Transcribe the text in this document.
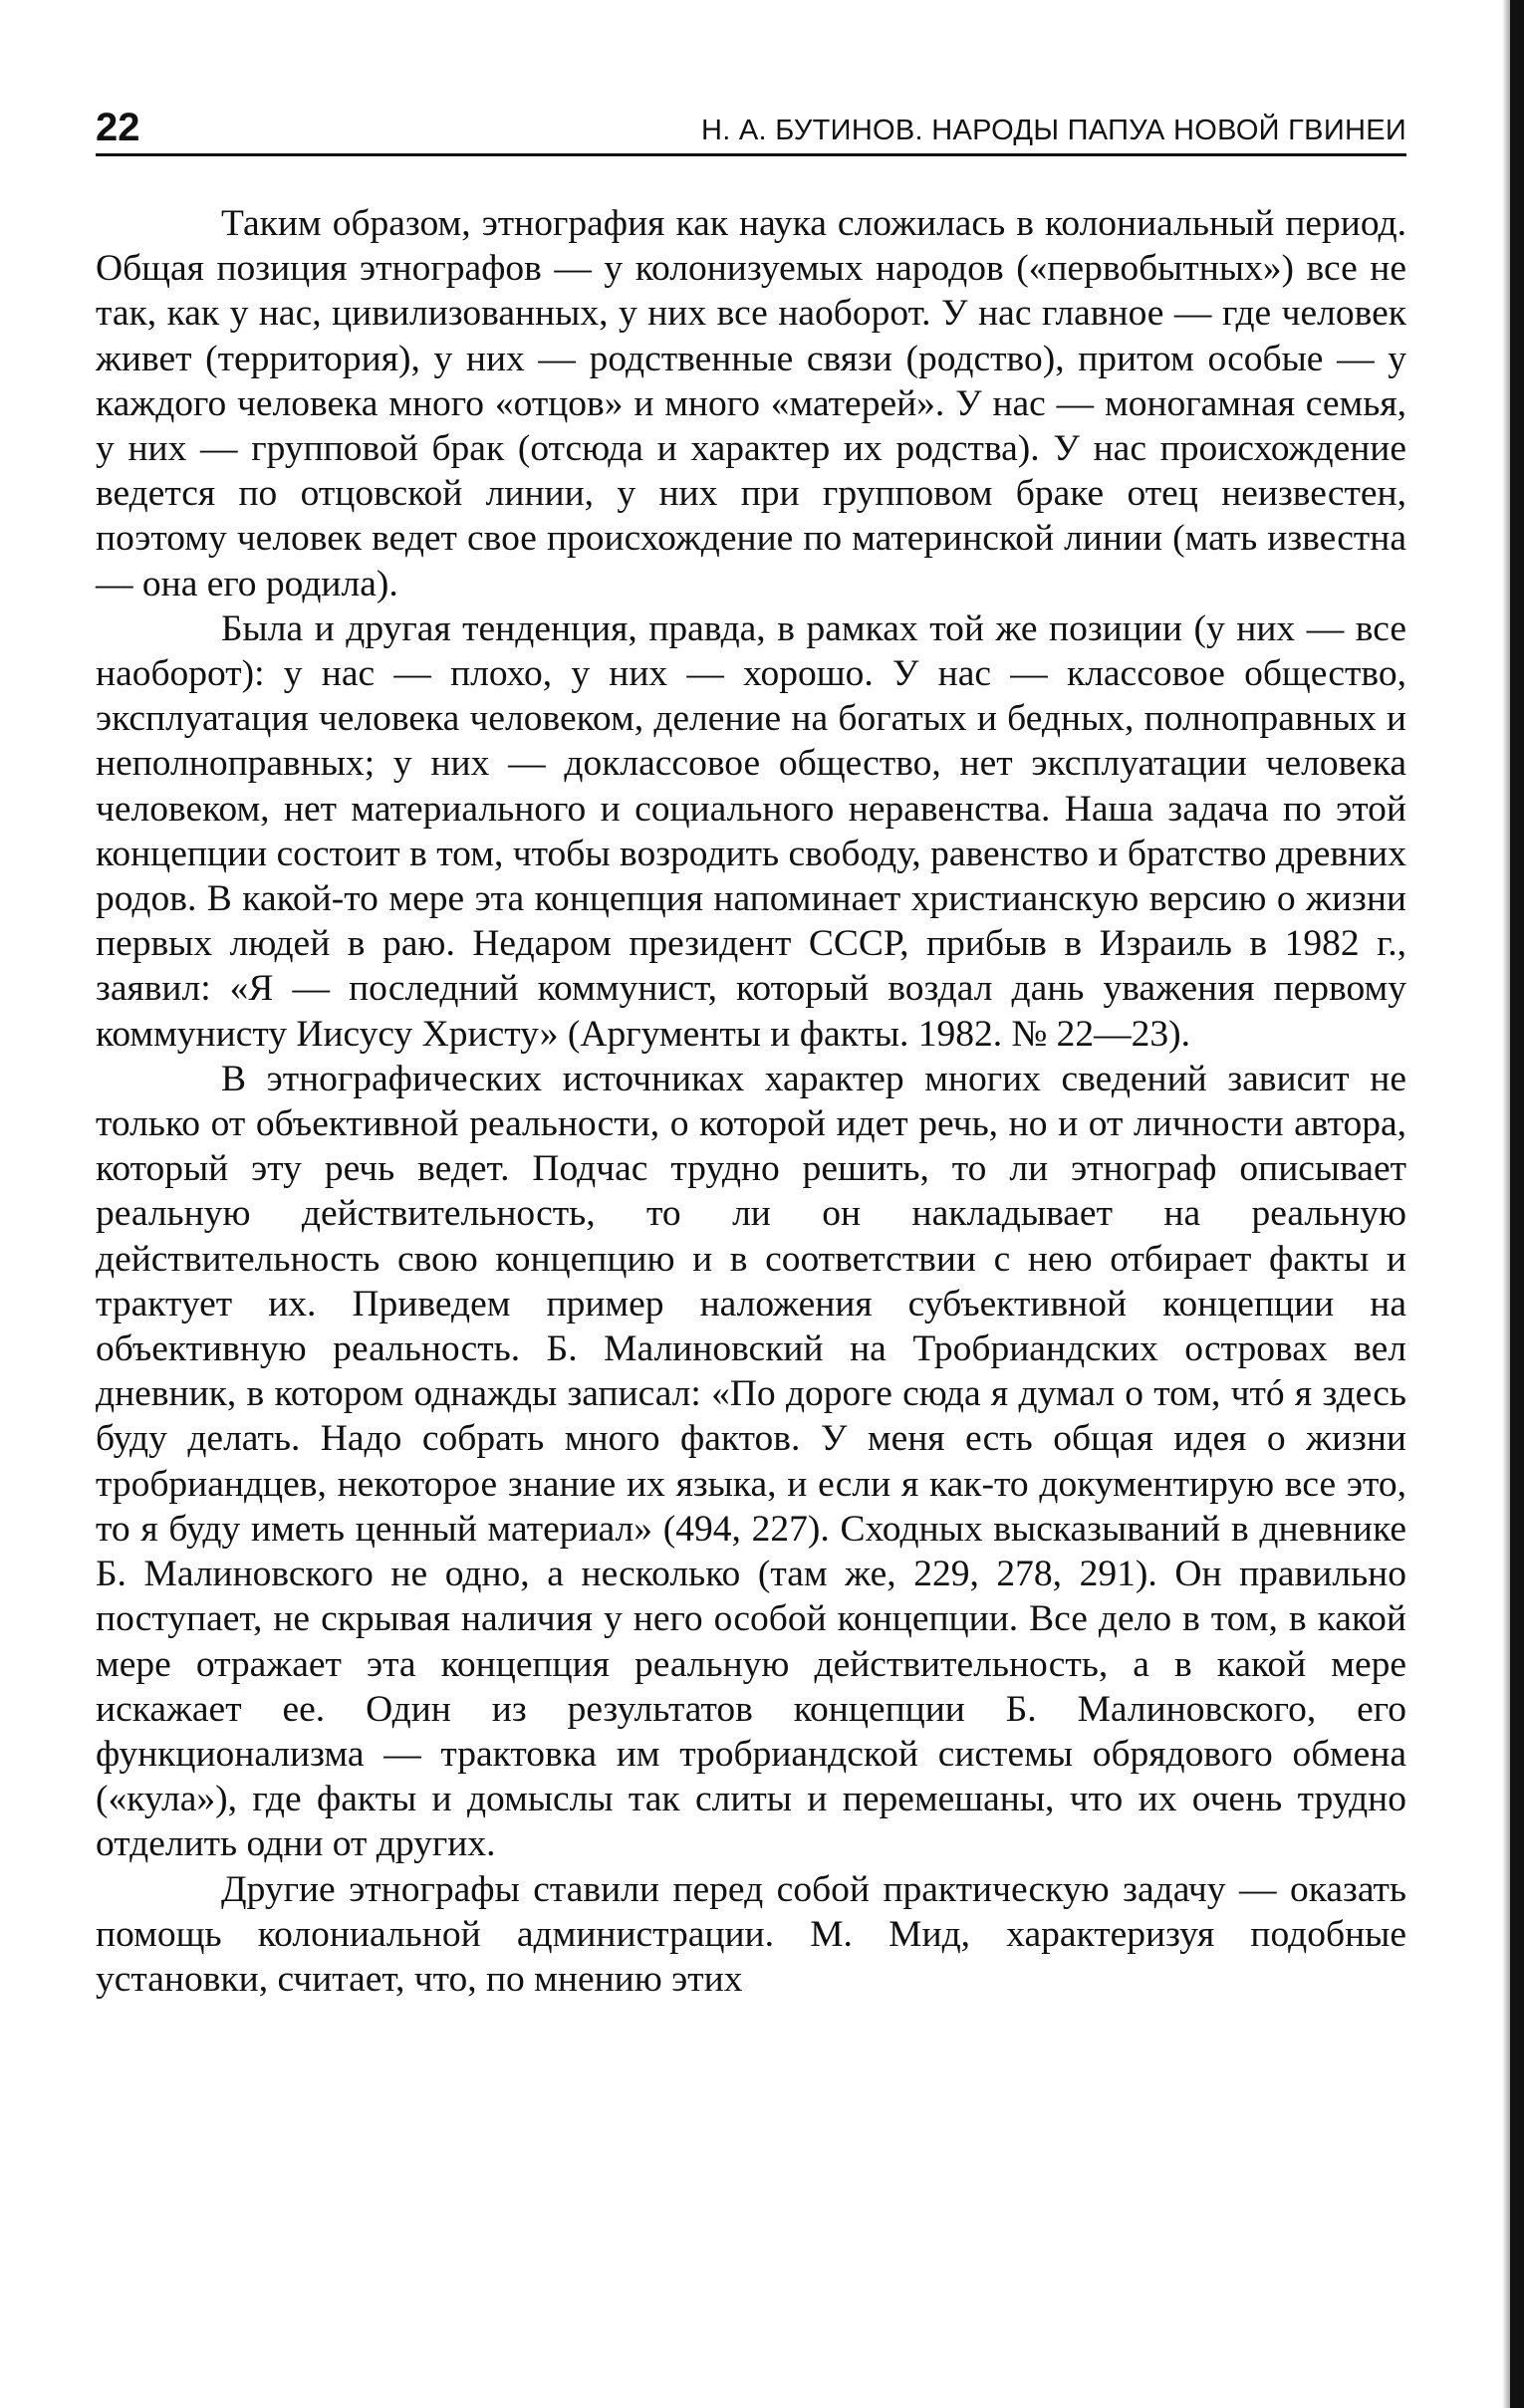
22	Н. А. БУТИНОВ. НАРОДЫ ПАПУА НОВОЙ ГВИНЕИ

Таким образом, этнография как наука сложилась в колониальный период. Общая позиция этнографов — у колонизуемых народов («первобытных») все не так, как у нас, цивилизованных, у них все наоборот. У нас главное — где человек живет (территория), у них — родственные связи (родство), притом особые — у каждого человека много «отцов» и много «матерей». У нас — моногамная семья, у них — групповой брак (отсюда и характер их родства). У нас происхождение ведется по отцовской линии, у них при групповом браке отец неизвестен, поэтому человек ведет свое происхождение по материнской линии (мать известна — она его родила).

Была и другая тенденция, правда, в рамках той же позиции (у них — все наоборот): у нас — плохо, у них — хорошо. У нас — классовое общество, эксплуатация человека человеком, деление на богатых и бедных, полноправных и неполноправных; у них — доклассовое общество, нет эксплуатации человека человеком, нет материального и социального неравенства. Наша задача по этой концепции состоит в том, чтобы возродить свободу, равенство и братство древних родов. В какой-то мере эта концепция напоминает христианскую версию о жизни первых людей в раю. Недаром президент СССР, прибыв в Израиль в 1982 г., заявил: «Я — последний коммунист, который воздал дань уважения первому коммунисту Иисусу Христу» (Аргументы и факты. 1982. № 22—23).

В этнографических источниках характер многих сведений зависит не только от объективной реальности, о которой идет речь, но и от личности автора, который эту речь ведет. Подчас трудно решить, то ли этнограф описывает реальную действительность, то ли он накладывает на реальную действительность свою концепцию и в соответствии с нею отбирает факты и трактует их. Приведем пример наложения субъективной концепции на объективную реальность. Б. Малиновский на Тробриандских островах вел дневник, в котором однажды записал: «По дороге сюда я думал о том, чтó я здесь буду делать. Надо собрать много фактов. У меня есть общая идея о жизни тробриандцев, некоторое знание их языка, и если я как-то документирую все это, то я буду иметь ценный материал» (494, 227). Сходных высказываний в дневнике Б. Малиновского не одно, а несколько (там же, 229, 278, 291). Он правильно поступает, не скрывая наличия у него особой концепции. Все дело в том, в какой мере отражает эта концепция реальную действительность, а в какой мере искажает ее. Один из результатов концепции Б. Малиновского, его функционализма — трактовка им тробриандской системы обрядового обмена («кула»), где факты и домыслы так слиты и перемешаны, что их очень трудно отделить одни от других.

Другие этнографы ставили перед собой практическую задачу — оказать помощь колониальной администрации. М. Мид, характеризуя подобные установки, считает, что, по мнению этих
